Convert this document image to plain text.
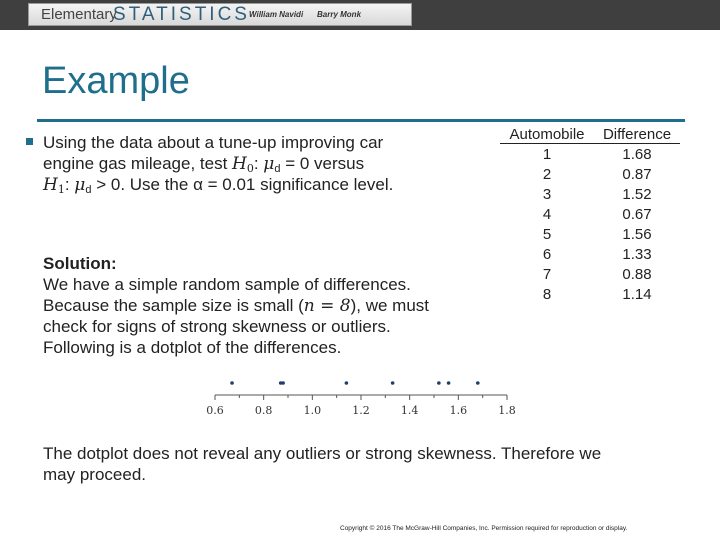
Elementary
STATISTICS William Navidi Barry Monk
Example
Using the data about a tune-up improving car
engine gas mileage, test $H_0$: $\mu_d = 0$ versus
$H_1$: $\mu_d > 0$. Use the α = 0.01 significance level.
Solution:
We have a simple random sample of differences.
Because the sample size is small (n = 8), we must
check for signs of strong skewness or outliers.
Following is a dotplot of the differences.
Automobile	Difference
1	1.68
2	0.87
3	1.52
4	0.67
5	1.56
6	1.33
7	0.88
8	1.14
0.6	0.8	1.0	1.2	1.4	1.6	1.8
The dotplot does not reveal any outliers or strong skewness. Therefore we
may proceed.
Copyright © 2016 The McGraw-Hill Companies, Inc. Permission required for reproduction or display.
